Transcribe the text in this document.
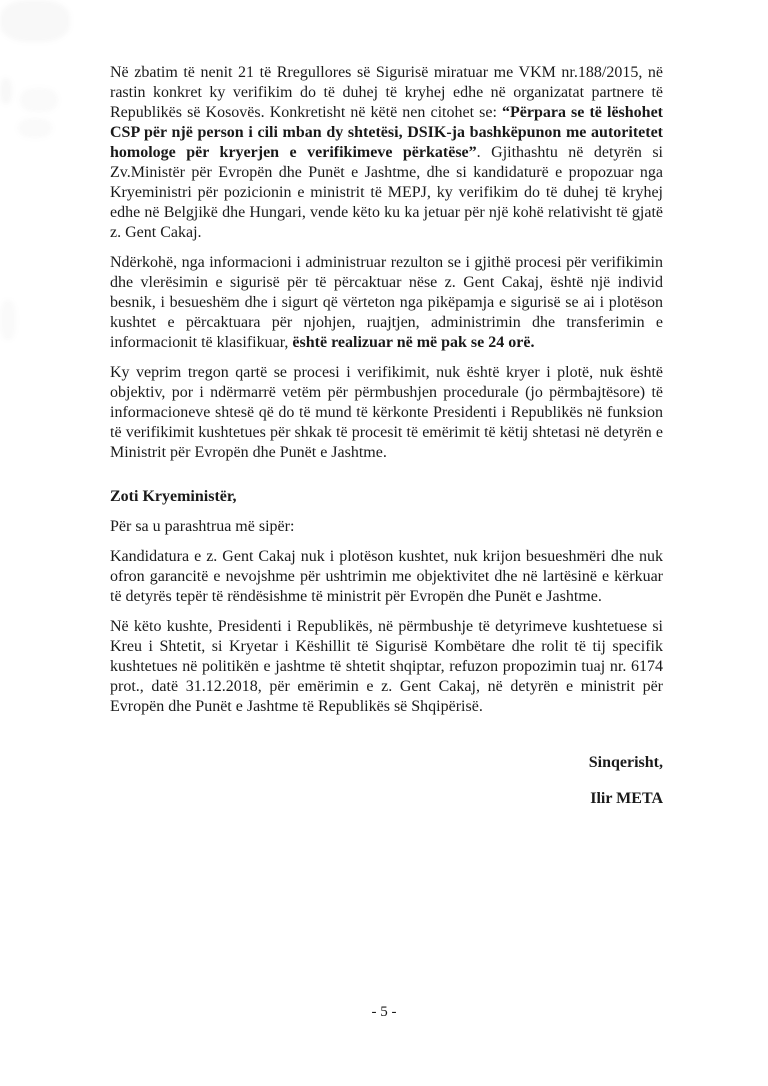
Në zbatim të nenit 21 të Rregullores së Sigurisë miratuar me VKM nr.188/2015, në rastin konkret ky verifikim do të duhej të kryhej edhe në organizatat partnere të Republikës së Kosovës. Konkretisht në këtë nen citohet se: “Përpara se të lëshohet CSP për një person i cili mban dy shtetësi, DSIK-ja bashkëpunon me autoritetet homologe për kryerjen e verifikimeve përkatëse”. Gjithashtu në detyrën si Zv.Ministër për Evropën dhe Punët e Jashtme, dhe si kandidaturë e propozuar nga Kryeministri për pozicionin e ministrit të MEPJ, ky verifikim do të duhej të kryhej edhe në Belgjikë dhe Hungari, vende këto ku ka jetuar për një kohë relativisht të gjatë z. Gent Cakaj.
Ndërkohë, nga informacioni i administruar rezulton se i gjithë procesi për verifikimin dhe vlerësimin e sigurisë për të përcaktuar nëse z. Gent Cakaj, është një individ besnik, i besueshëm dhe i sigurt që vërteton nga pikëpamja e sigurisë se ai i plotëson kushtet e përcaktuara për njohjen, ruajtjen, administrimin dhe transferimin e informacionit të klasifikuar, është realizuar në më pak se 24 orë.
Ky veprim tregon qartë se procesi i verifikimit, nuk është kryer i plotë, nuk është objektiv, por i ndërmarrë vetëm për përmbushjen procedurale (jo përmbajtësore) të informacioneve shtesë që do të mund të kërkonte Presidenti i Republikës në funksion të verifikimit kushtetues për shkak të procesit të emërimit të këtij shtetasi në detyrën e Ministrit për Evropën dhe Punët e Jashtme.
Zoti Kryeministër,
Për sa u parashtrua më sipër:
Kandidatura e z. Gent Cakaj nuk i plotëson kushtet, nuk krijon besueshmëri dhe nuk ofron garancitë e nevojshme për ushtrimin me objektivitet dhe në lartësinë e kërkuar të detyrës tepër të rëndësishme të ministrit për Evropën dhe Punët e Jashtme.
Në këto kushte, Presidenti i Republikës, në përmbushje të detyrimeve kushtetuese si Kreu i Shtetit, si Kryetar i Këshillit të Sigurisë Kombëtare dhe rolit të tij specifik kushtetues në politikën e jashtme të shtetit shqiptar, refuzon propozimin tuaj nr. 6174 prot., datë 31.12.2018, për emërimin e z. Gent Cakaj, në detyrën e ministrit për Evropën dhe Punët e Jashtme të Republikës së Shqipërisë.
Sinqerisht,
Ilir META
- 5 -
